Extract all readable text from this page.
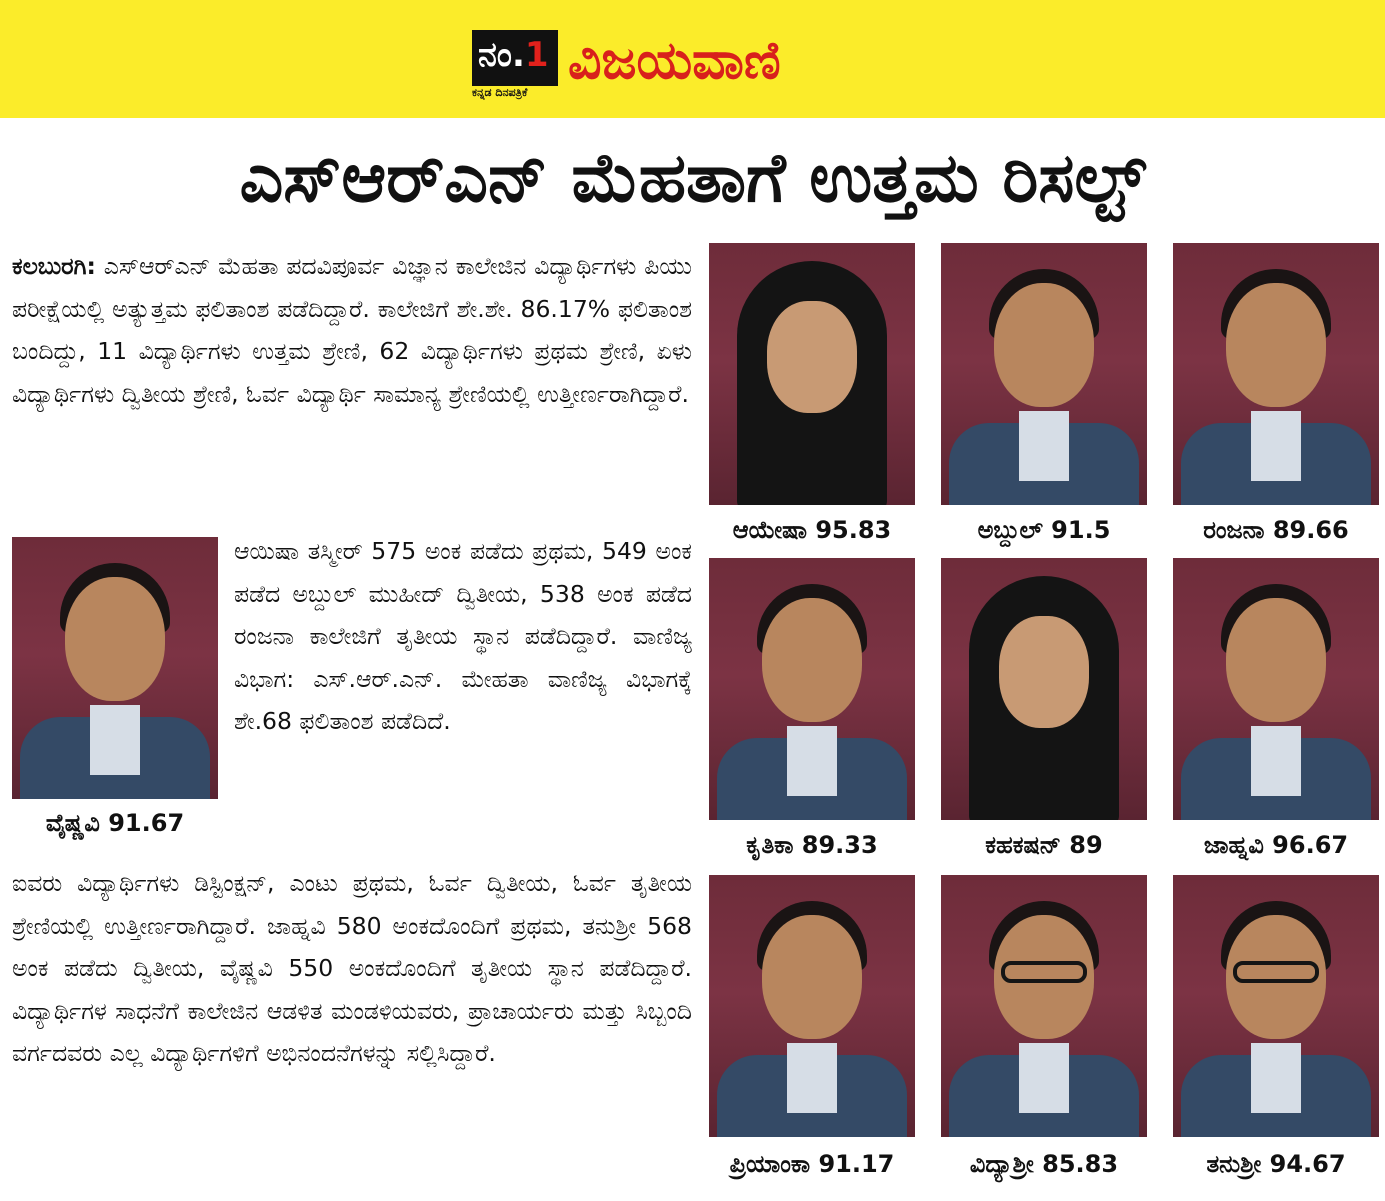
ನಂ.1
ಕನ್ನಡ ದಿನಪತ್ರಿಕೆ
ವಿಜಯವಾಣಿ
ಎಸ್‌ಆರ್‌ಎನ್ ಮೆಹತಾಗೆ ಉತ್ತಮ ರಿಸಲ್ಟ್
ಕಲಬುರಗಿ: ಎಸ್‌ಆರ್‌ಎನ್ ಮೆಹತಾ ಪದವಿಪೂರ್ವ ವಿಜ್ಞಾನ ಕಾಲೇಜಿನ ವಿದ್ಯಾರ್ಥಿಗಳು ಪಿಯು ಪರೀಕ್ಷೆಯಲ್ಲಿ ಅತ್ಯುತ್ತಮ ಫಲಿತಾಂಶ ಪಡೆದಿದ್ದಾರೆ. ಕಾಲೇಜಿಗೆ ಶೇ.ಶೇ. 86.17% ಫಲಿತಾಂಶ ಬಂದಿದ್ದು, 11 ವಿದ್ಯಾರ್ಥಿಗಳು ಉತ್ತಮ ಶ್ರೇಣಿ, 62 ವಿದ್ಯಾರ್ಥಿಗಳು ಪ್ರಥಮ ಶ್ರೇಣಿ, ಏಳು ವಿದ್ಯಾರ್ಥಿಗಳು ದ್ವಿತೀಯ ಶ್ರೇಣಿ, ಓರ್ವ ವಿದ್ಯಾರ್ಥಿ ಸಾಮಾನ್ಯ ಶ್ರೇಣಿಯಲ್ಲಿ ಉತ್ತೀರ್ಣರಾಗಿದ್ದಾರೆ.
ವೈಷ್ಣವಿ 91.67
ಆಯಿಷಾ ತಸ್ಮೀರ್ 575 ಅಂಕ ಪಡೆದು ಪ್ರಥಮ, 549 ಅಂಕ ಪಡೆದ ಅಬ್ದುಲ್ ಮುಹೀದ್ ದ್ವಿತೀಯ, 538 ಅಂಕ ಪಡೆದ ರಂಜನಾ ಕಾಲೇಜಿಗೆ ತೃತೀಯ ಸ್ಥಾನ ಪಡೆದಿದ್ದಾರೆ. ವಾಣಿಜ್ಯ ವಿಭಾಗ: ಎಸ್.ಆರ್.ಎನ್. ಮೇಹತಾ ವಾಣಿಜ್ಯ ವಿಭಾಗಕ್ಕೆ ಶೇ.68 ಫಲಿತಾಂಶ ಪಡೆದಿದೆ.
ಐವರು ವಿದ್ಯಾರ್ಥಿಗಳು ಡಿಸ್ಟಿಂಕ್ಷನ್, ಎಂಟು ಪ್ರಥಮ, ಓರ್ವ ದ್ವಿತೀಯ, ಓರ್ವ ತೃತೀಯ ಶ್ರೇಣಿಯಲ್ಲಿ ಉತ್ತೀರ್ಣರಾಗಿದ್ದಾರೆ. ಜಾಹ್ನವಿ 580 ಅಂಕದೊಂದಿಗೆ ಪ್ರಥಮ, ತನುಶ್ರೀ 568 ಅಂಕ ಪಡೆದು ದ್ವಿತೀಯ, ವೈಷ್ಣವಿ 550 ಅಂಕದೊಂದಿಗೆ ತೃತೀಯ ಸ್ಥಾನ ಪಡೆದಿದ್ದಾರೆ. ವಿದ್ಯಾರ್ಥಿಗಳ ಸಾಧನೆಗೆ ಕಾಲೇಜಿನ ಆಡಳಿತ ಮಂಡಳಿಯವರು, ಪ್ರಾಚಾರ್ಯರು ಮತ್ತು ಸಿಬ್ಬಂದಿ ವರ್ಗದವರು ಎಲ್ಲ ವಿದ್ಯಾರ್ಥಿಗಳಿಗೆ ಅಭಿನಂದನೆಗಳನ್ನು ಸಲ್ಲಿಸಿದ್ದಾರೆ.
ಆಯೇಷಾ 95.83	ಅಬ್ದುಲ್ 91.5	ರಂಜನಾ 89.66
ಕೃತಿಕಾ 89.33	ಕಹಕಷನ್ 89	ಜಾಹ್ನವಿ 96.67
ಪ್ರಿಯಾಂಕಾ 91.17	ವಿದ್ಯಾಶ್ರೀ 85.83	ತನುಶ್ರೀ 94.67
